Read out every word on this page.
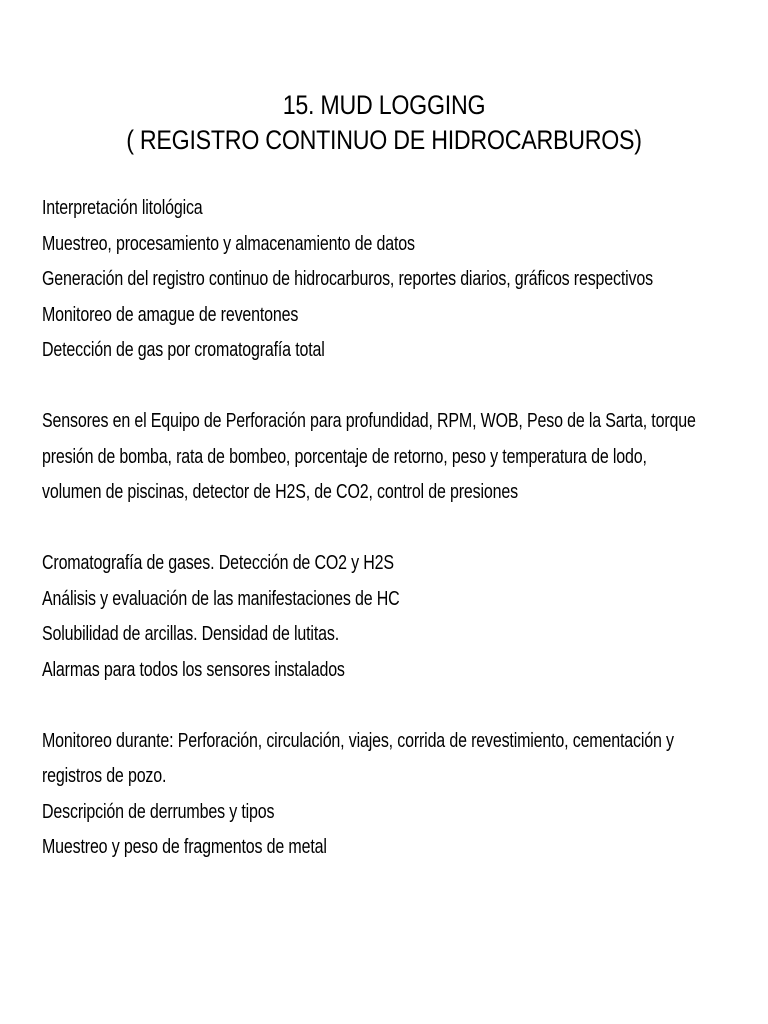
15. MUD LOGGING
( REGISTRO CONTINUO DE HIDROCARBUROS)
Interpretación litológica
Muestreo, procesamiento y almacenamiento de datos
Generación del registro continuo de hidrocarburos, reportes diarios, gráficos respectivos
Monitoreo de amague de reventones
Detección de gas por cromatografía total
Sensores en el Equipo de Perforación para profundidad, RPM, WOB, Peso de la Sarta, torque
presión de bomba, rata de bombeo, porcentaje de retorno, peso y temperatura de lodo,
volumen de piscinas, detector de H2S, de CO2, control de presiones
Cromatografía de gases. Detección de CO2 y H2S
Análisis y evaluación de las manifestaciones de HC
Solubilidad de arcillas. Densidad de lutitas.
Alarmas para todos los sensores instalados
Monitoreo durante: Perforación, circulación, viajes, corrida de revestimiento, cementación y
registros de pozo.
Descripción de derrumbes y tipos
Muestreo y peso de fragmentos de metal
